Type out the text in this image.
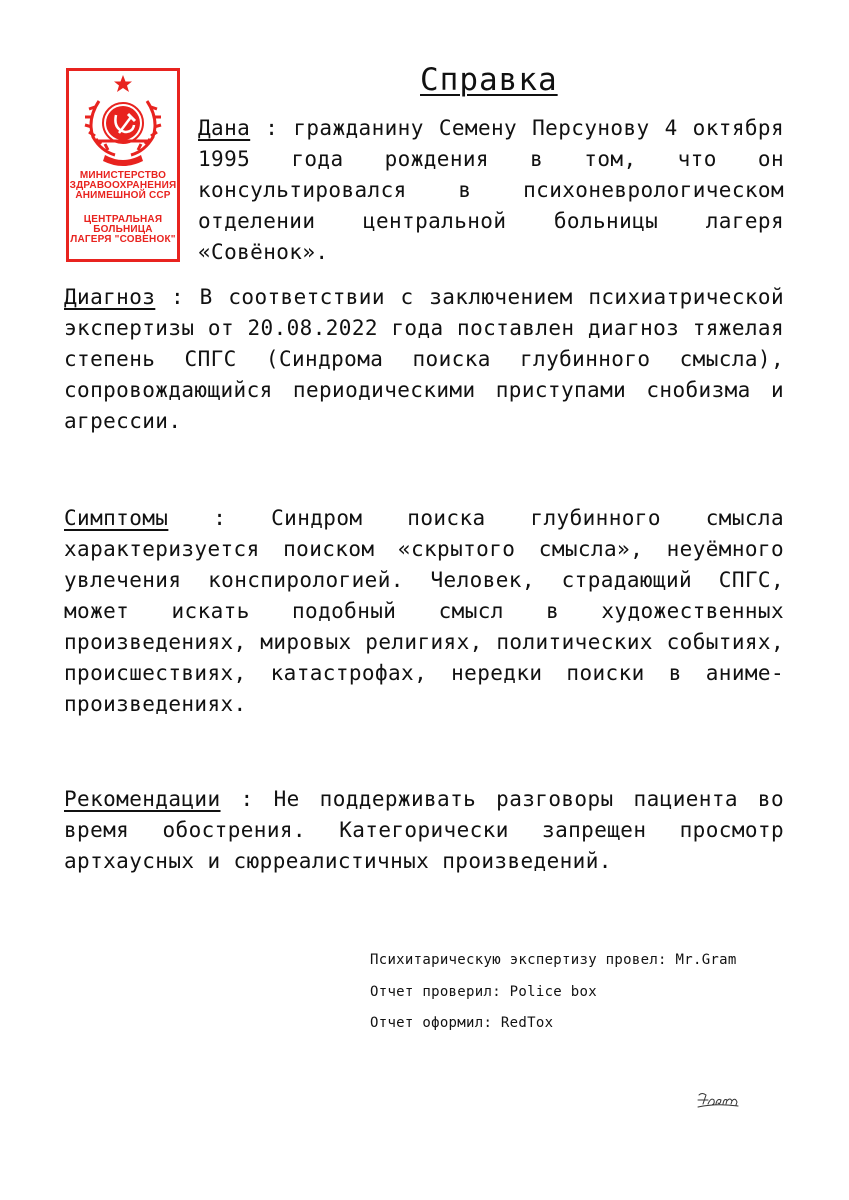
МИНИСТЕРСТВО
ЗДРАВООХРАНЕНИЯ
АНИМЕШНОЙ ССР
ЦЕНТРАЛЬНАЯ
БОЛЬНИЦА
ЛАГЕРЯ "СОВЕНОК"
Справка
Дана : гражданину Семену Персунову 4 октября 1995 года рождения в том, что он консультировался в психоневрологическом отделении центральной больницы лагеря «Совёнок».
Диагноз : В соответствии с заключением психиатрической экспертизы от 20.08.2022 года поставлен диагноз тяжелая степень СПГС (Синдрома поиска глубинного смысла), сопровождающийся периодическими приступами снобизма и агрессии.
Симптомы : Синдром поиска глубинного смысла характеризуется поиском «скрытого смысла», неуёмного увлечения конспирологией. Человек, страдающий СПГС, может искать подобный смысл в художественных произведениях, мировых религиях, политических событиях, происшествиях, катастрофах, нередки поиски в аниме-произведениях.
Рекомендации : Не поддерживать разговоры пациента во время обострения. Категорически запрещен просмотр артхаусных и сюрреалистичных произведений.
Психитарическую экспертизу провел: Mr.Gram
Отчет проверил: Police box
Отчет оформил: RedTox
